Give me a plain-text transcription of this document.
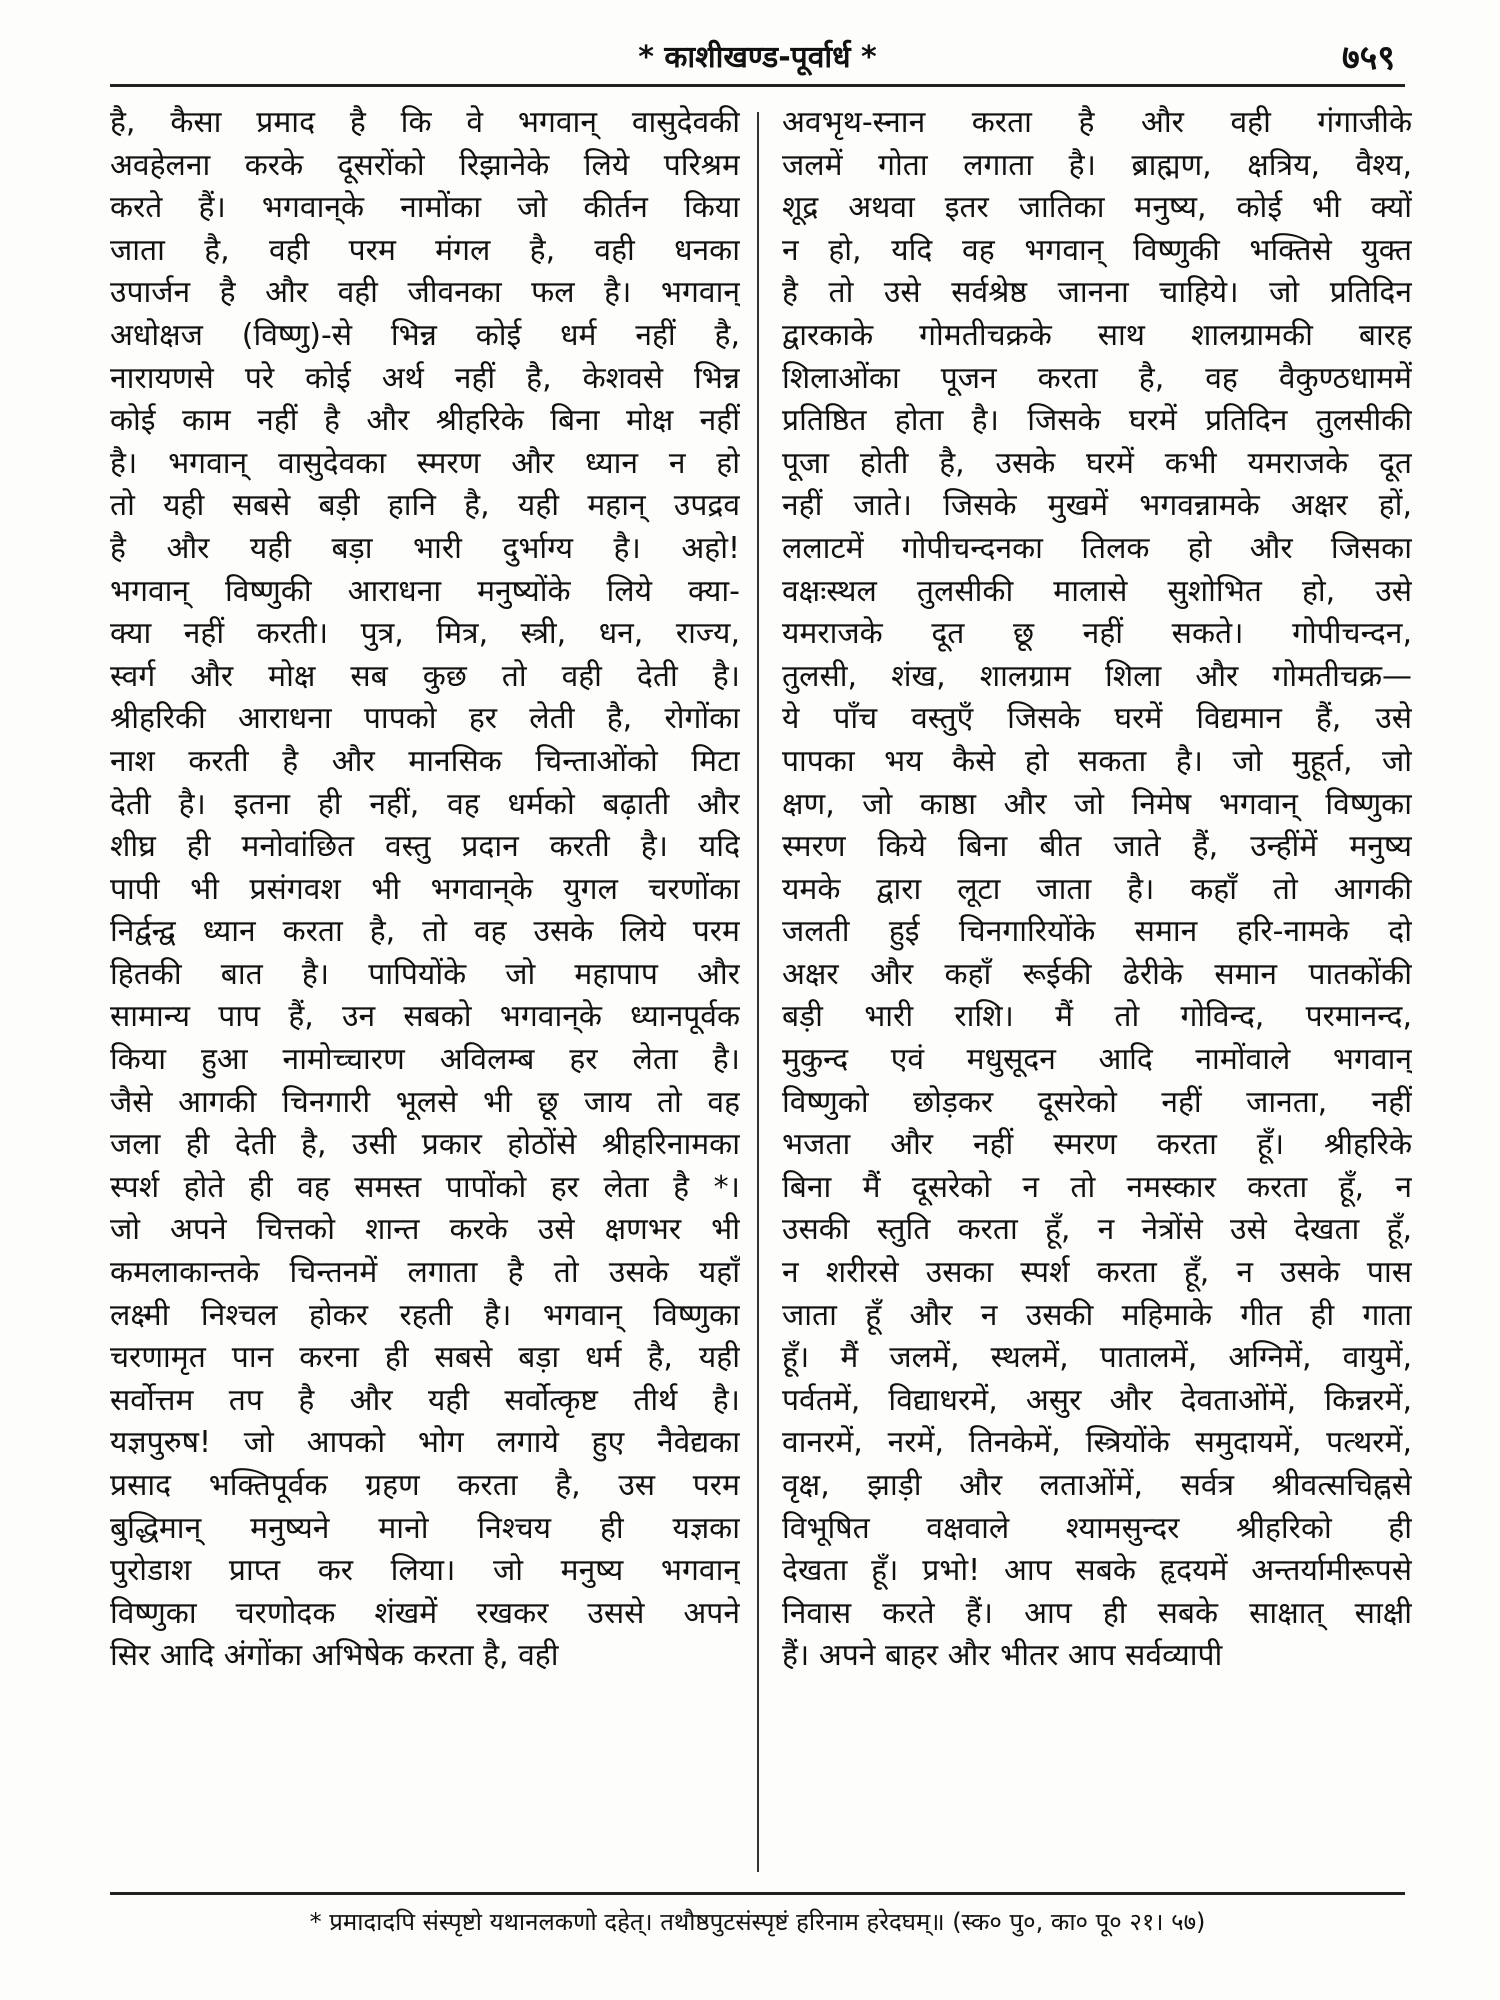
* काशीखण्ड-पूर्वार्ध *	७५९
है, कैसा प्रमाद है कि वे भगवान् वासुदेवकी
अवहेलना करके दूसरोंको रिझानेके लिये परिश्रम
करते हैं। भगवान्‌के नामोंका जो कीर्तन किया
जाता है, वही परम मंगल है, वही धनका
उपार्जन है और वही जीवनका फल है। भगवान्
अधोक्षज (विष्णु)-से भिन्न कोई धर्म नहीं है,
नारायणसे परे कोई अर्थ नहीं है, केशवसे भिन्न
कोई काम नहीं है और श्रीहरिके बिना मोक्ष नहीं
है। भगवान् वासुदेवका स्मरण और ध्यान न हो
तो यही सबसे बड़ी हानि है, यही महान् उपद्रव
है और यही बड़ा भारी दुर्भाग्य है। अहो!
भगवान् विष्णुकी आराधना मनुष्योंके लिये क्या-
क्या नहीं करती। पुत्र, मित्र, स्त्री, धन, राज्य,
स्वर्ग और मोक्ष सब कुछ तो वही देती है।
श्रीहरिकी आराधना पापको हर लेती है, रोगोंका
नाश करती है और मानसिक चिन्ताओंको मिटा
देती है। इतना ही नहीं, वह धर्मको बढ़ाती और
शीघ्र ही मनोवांछित वस्तु प्रदान करती है। यदि
पापी भी प्रसंगवश भी भगवान्‌के युगल चरणोंका
निर्द्वन्द्व ध्यान करता है, तो वह उसके लिये परम
हितकी बात है। पापियोंके जो महापाप और
सामान्य पाप हैं, उन सबको भगवान्‌के ध्यानपूर्वक
किया हुआ नामोच्चारण अविलम्ब हर लेता है।
जैसे आगकी चिनगारी भूलसे भी छू जाय तो वह
जला ही देती है, उसी प्रकार होठोंसे श्रीहरिनामका
स्पर्श होते ही वह समस्त पापोंको हर लेता है *।
जो अपने चित्तको शान्त करके उसे क्षणभर भी
कमलाकान्तके चिन्तनमें लगाता है तो उसके यहाँ
लक्ष्मी निश्चल होकर रहती है। भगवान् विष्णुका
चरणामृत पान करना ही सबसे बड़ा धर्म है, यही
सर्वोत्तम तप है और यही सर्वोत्कृष्ट तीर्थ है।
यज्ञपुरुष! जो आपको भोग लगाये हुए नैवेद्यका
प्रसाद भक्तिपूर्वक ग्रहण करता है, उस परम
बुद्धिमान् मनुष्यने मानो निश्चय ही यज्ञका
पुरोडाश प्राप्त कर लिया। जो मनुष्य भगवान्
विष्णुका चरणोदक शंखमें रखकर उससे अपने
सिर आदि अंगोंका अभिषेक करता है, वही
अवभृथ-स्नान करता है और वही गंगाजीके
जलमें गोता लगाता है। ब्राह्मण, क्षत्रिय, वैश्य,
शूद्र अथवा इतर जातिका मनुष्य, कोई भी क्यों
न हो, यदि वह भगवान् विष्णुकी भक्तिसे युक्त
है तो उसे सर्वश्रेष्ठ जानना चाहिये। जो प्रतिदिन
द्वारकाके गोमतीचक्रके साथ शालग्रामकी बारह
शिलाओंका पूजन करता है, वह वैकुण्ठधाममें
प्रतिष्ठित होता है। जिसके घरमें प्रतिदिन तुलसीकी
पूजा होती है, उसके घरमें कभी यमराजके दूत
नहीं जाते। जिसके मुखमें भगवन्नामके अक्षर हों,
ललाटमें गोपीचन्दनका तिलक हो और जिसका
वक्षःस्थल तुलसीकी मालासे सुशोभित हो, उसे
यमराजके दूत छू नहीं सकते। गोपीचन्दन,
तुलसी, शंख, शालग्राम शिला और गोमतीचक्र—
ये पाँच वस्तुएँ जिसके घरमें विद्यमान हैं, उसे
पापका भय कैसे हो सकता है। जो मुहूर्त, जो
क्षण, जो काष्ठा और जो निमेष भगवान् विष्णुका
स्मरण किये बिना बीत जाते हैं, उन्हींमें मनुष्य
यमके द्वारा लूटा जाता है। कहाँ तो आगकी
जलती हुई चिनगारियोंके समान हरि-नामके दो
अक्षर और कहाँ रूईकी ढेरीके समान पातकोंकी
बड़ी भारी राशि। मैं तो गोविन्द, परमानन्द,
मुकुन्द एवं मधुसूदन आदि नामोंवाले भगवान्
विष्णुको छोड़कर दूसरेको नहीं जानता, नहीं
भजता और नहीं स्मरण करता हूँ। श्रीहरिके
बिना मैं दूसरेको न तो नमस्कार करता हूँ, न
उसकी स्तुति करता हूँ, न नेत्रोंसे उसे देखता हूँ,
न शरीरसे उसका स्पर्श करता हूँ, न उसके पास
जाता हूँ और न उसकी महिमाके गीत ही गाता
हूँ। मैं जलमें, स्थलमें, पातालमें, अग्निमें, वायुमें,
पर्वतमें, विद्याधरमें, असुर और देवताओंमें, किन्नरमें,
वानरमें, नरमें, तिनकेमें, स्त्रियोंके समुदायमें, पत्थरमें,
वृक्ष, झाड़ी और लताओंमें, सर्वत्र श्रीवत्सचिह्नसे
विभूषित वक्षवाले श्यामसुन्दर श्रीहरिको ही
देखता हूँ। प्रभो! आप सबके हृदयमें अन्तर्यामीरूपसे
निवास करते हैं। आप ही सबके साक्षात् साक्षी
हैं। अपने बाहर और भीतर आप सर्वव्यापी
* प्रमादादपि संस्पृष्टो यथानलकणो दहेत्। तथौष्ठपुटसंस्पृष्टं हरिनाम हरेदघम्॥ (स्क० पु०, का० पू० २१। ५७)
